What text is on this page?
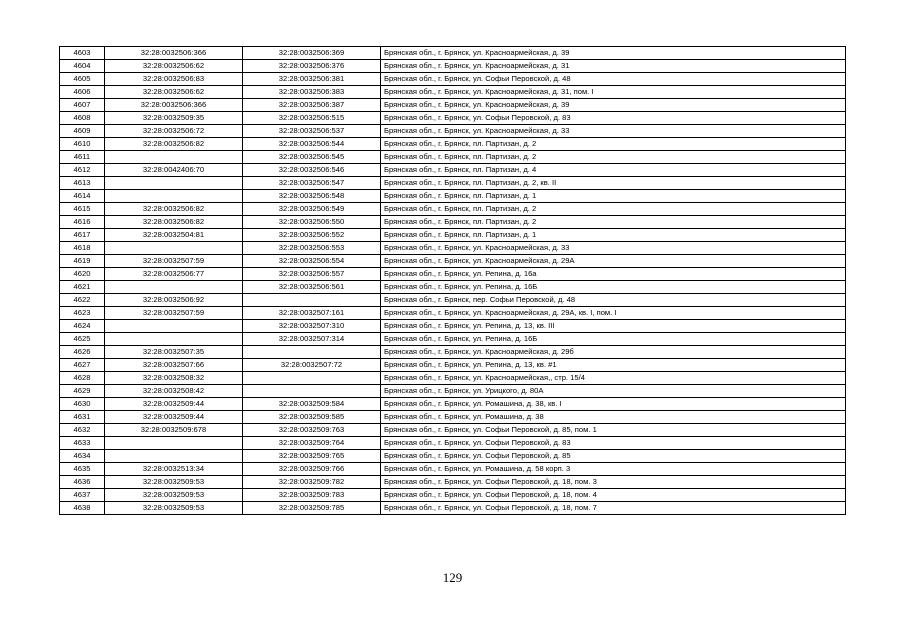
4603	32:28:0032506:366	32:28:0032506:369	Брянская обл., г. Брянск, ул. Красноармейская, д. 39
4604	32:28:0032506:62	32:28:0032506:376	Брянская обл., г. Брянск, ул. Красноармейская, д. 31
4605	32:28:0032506:83	32:28:0032506:381	Брянская обл., г. Брянск, ул. Софьи Перовской, д. 48
4606	32:28:0032506:62	32:28:0032506:383	Брянская обл., г. Брянск, ул. Красноармейская, д. 31, пом. I
4607	32:28:0032506:366	32:28:0032506:387	Брянская обл., г. Брянск, ул. Красноармейская, д. 39
4608	32:28:0032509:35	32:28:0032506:515	Брянская обл., г. Брянск, ул. Софьи Перовской, д. 83
4609	32:28:0032506:72	32:28:0032506:537	Брянская обл., г. Брянск, ул. Красноармейская, д. 33
4610	32:28:0032506:82	32:28:0032506:544	Брянская обл., г. Брянск, пл. Партизан, д. 2
4611		32:28:0032506:545	Брянская обл., г. Брянск, пл. Партизан, д. 2
4612	32:28:0042406:70	32:28:0032506:546	Брянская обл., г. Брянск, пл. Партизан, д. 4
4613		32:28:0032506:547	Брянская обл., г. Брянск, пл. Партизан, д. 2, кв. II
4614		32:28:0032506:548	Брянская обл., г. Брянск, пл. Партизан, д. 1
4615	32:28:0032506:82	32:28:0032506:549	Брянская обл., г. Брянск, пл. Партизан, д. 2
4616	32:28:0032506:82	32:28:0032506:550	Брянская обл., г. Брянск, пл. Партизан, д. 2
4617	32:28:0032504:81	32:28:0032506:552	Брянская обл., г. Брянск, пл. Партизан, д. 1
4618		32:28:0032506:553	Брянская обл., г. Брянск, ул. Красноармейская, д. 33
4619	32:28:0032507:59	32:28:0032506:554	Брянская обл., г. Брянск, ул. Красноармейская, д. 29А
4620	32:28:0032506:77	32:28:0032506:557	Брянская обл., г. Брянск, ул. Репина, д. 16а
4621		32:28:0032506:561	Брянская обл., г. Брянск, ул. Репина, д. 16Б
4622	32:28:0032506:92		Брянская обл., г. Брянск, пер. Софьи Перовской, д. 48
4623	32:28:0032507:59	32:28:0032507:161	Брянская обл., г. Брянск, ул. Красноармейская, д. 29А, кв. I, пом. I
4624		32:28:0032507:310	Брянская обл., г. Брянск, ул. Репина, д. 13, кв. III
4625		32:28:0032507:314	Брянская обл., г. Брянск, ул. Репина, д. 16Б
4626	32:28:0032507:35		Брянская обл., г. Брянск, ул. Красноармейская, д. 29б
4627	32:28:0032507:66	32:28:0032507:72	Брянская обл., г. Брянск, ул. Репина, д. 13, кв. #1
4628	32:28:0032508:32		Брянская обл., г. Брянск, ул. Красноармейская,, стр. 15/4
4629	32:28:0032508:42		Брянская обл., г. Брянск, ул. Урицкого, д. 80А
4630	32:28:0032509:44	32:28:0032509:584	Брянская обл., г. Брянск, ул. Ромашина, д. 38, кв. I
4631	32:28:0032509:44	32:28:0032509:585	Брянская обл., г. Брянск, ул. Ромашина, д. 38
4632	32:28:0032509:678	32:28:0032509:763	Брянская обл., г. Брянск, ул. Софьи Перовской, д. 85, пом. 1
4633		32:28:0032509:764	Брянская обл., г. Брянск, ул. Софьи Перовской, д. 83
4634		32:28:0032509:765	Брянская обл., г. Брянск, ул. Софьи Перовской, д. 85
4635	32:28:0032513:34	32:28:0032509:766	Брянская обл., г. Брянск, ул. Ромашина, д. 58 корп. 3
4636	32:28:0032509:53	32:28:0032509:782	Брянская обл., г. Брянск, ул. Софьи Перовской, д. 18, пом. 3
4637	32:28:0032509:53	32:28:0032509:783	Брянская обл., г. Брянск, ул. Софьи Перовской, д. 18, пом. 4
4638	32:28:0032509:53	32:28:0032509:785	Брянская обл., г. Брянск, ул. Софьи Перовской, д. 18, пом. 7
129
